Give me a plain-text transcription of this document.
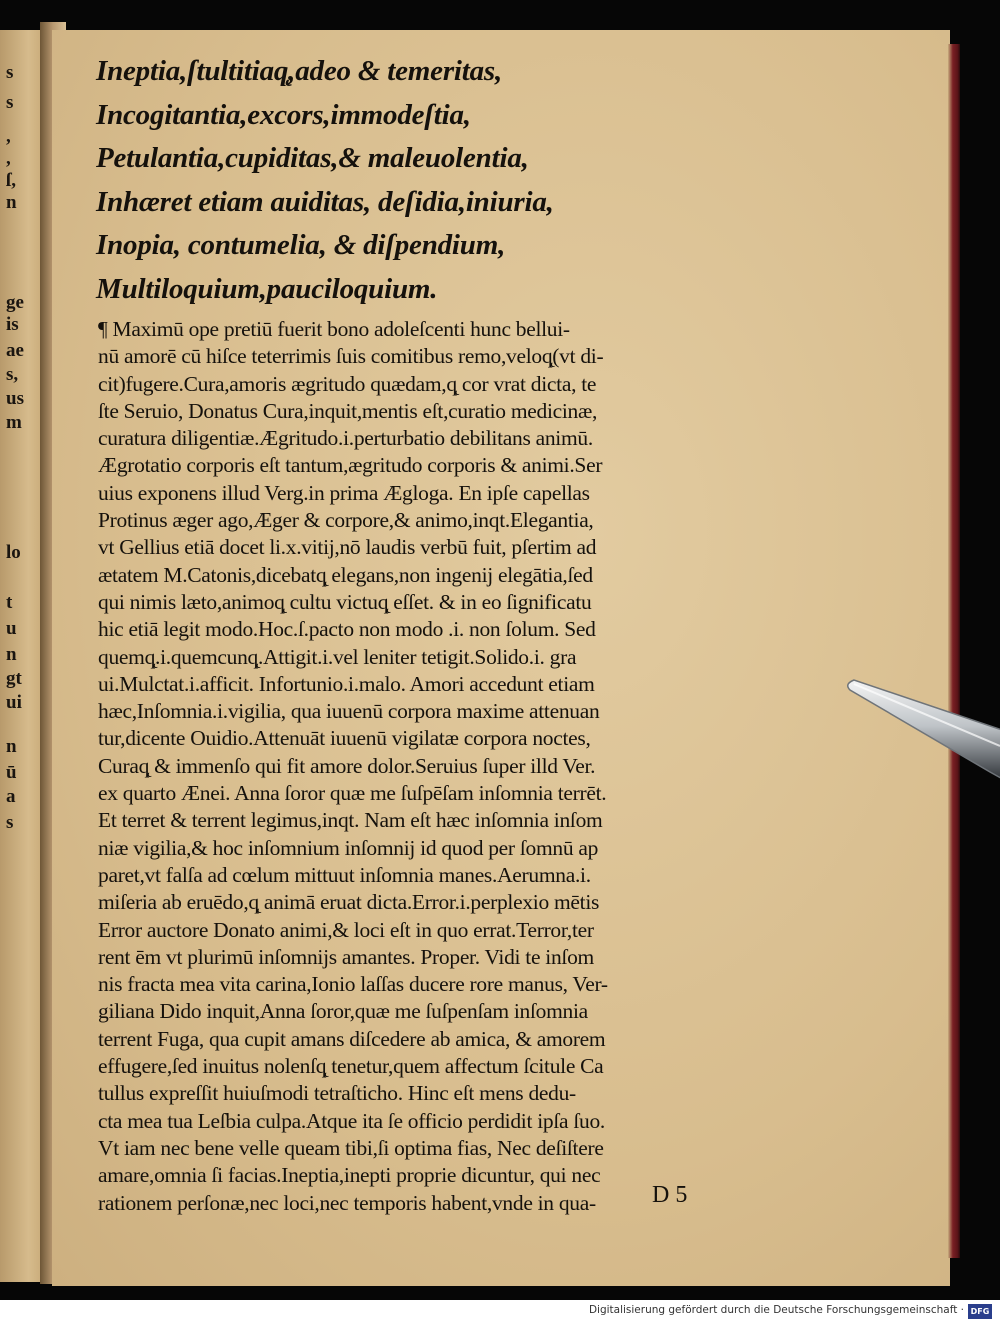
s
s
,
,
ſ,
n
ge
is
ae
s,
us
m
lo
t
u
n
gt
ui
n
ū
a
s
Ineptia,ſtultitiaq̨,adeo & temeritas,
Incogitantia,excors,immodeſtia,
Petulantia,cupiditas,& maleuolentia,
Inhæret etiam auiditas, deſidia,iniuria,
Inopia, contumelia, & diſpendium,
Multiloquium,pauciloquium.
¶ Maximū ope pretiū fuerit bono adoleſcenti hunc bellui-
nū amorē cū hiſce teterrimis ſuis comitibus remo,veloq̨(vt di-
cit)fugere.Cura,amoris ægritudo quædam,q̨ cor vrat dicta, te
ſte Seruio, Donatus Cura,inquit,mentis eſt,curatio medicinæ,
curatura diligentiæ.Ægritudo.i.perturbatio debilitans animū.
Ægrotatio corporis eſt tantum,ægritudo corporis & animi.Ser
uius exponens illud Verg.in prima Ægloga. En ipſe capellas
Protinus æger ago,Æger & corpore,& animo,inqt.Elegantia,
vt Gellius etiā docet li.x.vitij,nō laudis verbū fuit, pſertim ad
ætatem M.Catonis,dicebatq̨ elegans,non ingenij elegātia,ſed
qui nimis læto,animoq̨ cultu victuq̨ eſſet. & in eo ſignificatu
hic etiā legit modo.Hoc.ſ.pacto non modo .i. non ſolum. Sed
quemq̨.i.quemcunq̨.Attigit.i.vel leniter tetigit.Solido.i. gra
ui.Mulctat.i.afficit. Infortunio.i.malo. Amori accedunt etiam
hæc,Inſomnia.i.vigilia, qua iuuenū corpora maxime attenuan
tur,dicente Ouidio.Attenuāt iuuenū vigilatæ corpora noctes,
Curaq̨ & immenſo qui fit amore dolor.Seruius ſuper illd Ver.
ex quarto Ænei. Anna ſoror quæ me ſuſpēſam inſomnia terrēt.
Et terret & terrent legimus,inqt. Nam eſt hæc inſomnia inſom
niæ vigilia,& hoc inſomnium inſomnij id quod per ſomnū ap
paret,vt falſa ad cœlum mittuut inſomnia manes.Aerumna.i.
miſeria ab eruēdo,q̨ animā eruat dicta.Error.i.perplexio mētis
Error auctore Donato animi,& loci eſt in quo errat.Terror,ter
rent ēm vt plurimū inſomnijs amantes. Proper. Vidi te inſom
nis fracta mea vita carina,Ionio laſſas ducere rore manus, Ver-
giliana Dido inquit,Anna ſoror,quæ me ſuſpenſam inſomnia
terrent Fuga, qua cupit amans diſcedere ab amica, & amorem
effugere,ſed inuitus nolenſq̨ tenetur,quem affectum ſcitule Ca
tullus expreſſit huiuſmodi tetraſticho. Hinc eſt mens dedu-
cta mea tua Leſbia culpa.Atque ita ſe officio perdidit ipſa ſuo.
Vt iam nec bene velle queam tibi,ſi optima fias, Nec deſiſtere
amare,omnia ſi facias.Ineptia,inepti proprie dicuntur, qui nec
rationem perſonæ,nec loci,nec temporis habent,vnde in qua-	D 5
Digitalisierung gefördert durch die Deutsche Forschungsgemeinschaft · DFG
